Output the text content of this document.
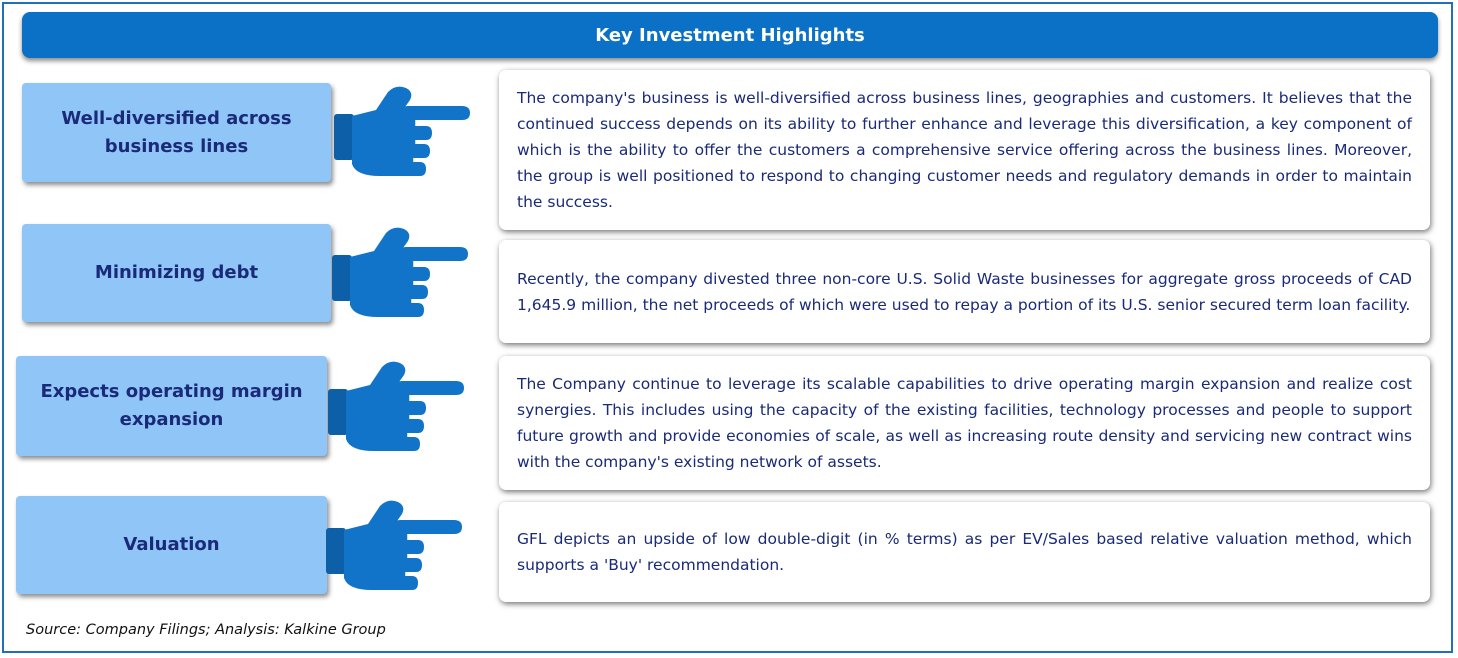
Key Investment Highlights
Well-diversified across business lines

The company's business is well-diversified across business lines, geographies and customers. It believes that the continued success depends on its ability to further enhance and leverage this diversification, a key component of which is the ability to offer the customers a comprehensive service offering across the business lines. Moreover, the group is well positioned to respond to changing customer needs and regulatory demands in order to maintain the success.

Minimizing debt	Recently, the company divested three non-core U.S. Solid Waste businesses for aggregate gross proceeds of CAD 1,645.9 million, the net proceeds of which were used to repay a portion of its U.S. senior secured term loan facility.

Expects operating margin expansion

The Company continue to leverage its scalable capabilities to drive operating margin expansion and realize cost synergies. This includes using the capacity of the existing facilities, technology processes and people to support future growth and provide economies of scale, as well as increasing route density and servicing new contract wins with the company's existing network of assets.

Valuation	GFL depicts an upside of low double-digit (in % terms) as per EV/Sales based relative valuation method, which supports a 'Buy' recommendation.

Source: Company Filings; Analysis: Kalkine Group
